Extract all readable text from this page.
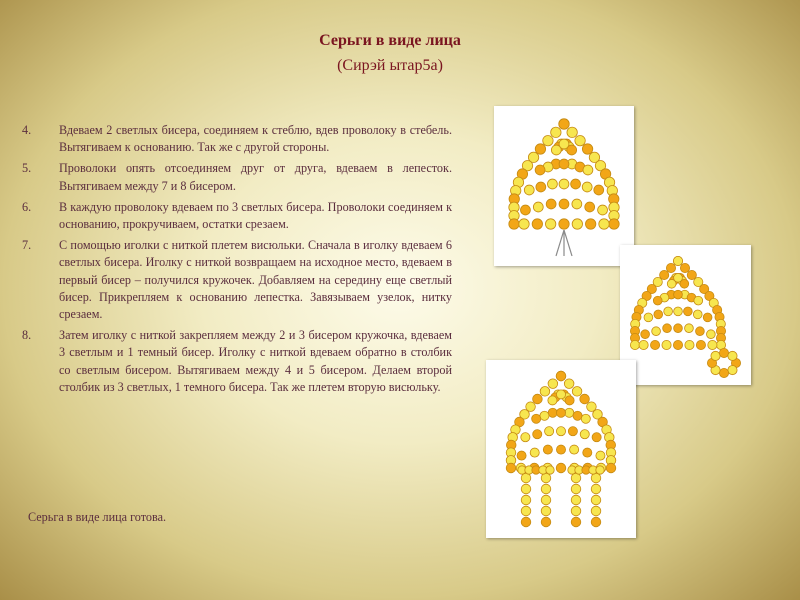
Серьги в виде лица
(Сирэй ытар5а)
4. Вдеваем 2 светлых бисера, соединяем к стеблю, вдев проволоку в стебель. Вытягиваем к основанию. Так же с другой стороны.
5. Проволоки опять отсоединяем друг от друга, вдеваем в лепесток. Вытягиваем между 7 и 8 бисером.
6. В каждую проволоку вдеваем по 3 светлых бисера. Проволоки соединяем к основанию, прокручиваем, остатки срезаем.
7. С помощью иголки с ниткой плетем висюльки. Сначала в иголку вдеваем 6 светлых бисера. Иголку с ниткой возвращаем на исходное место, вдеваем в первый бисер – получился кружочек. Добавляем на середину еще светлый бисер. Прикрепляем к основанию лепестка. Завязываем узелок, нитку срезаем.
8. Затем иголку с ниткой закрепляем между 2 и 3 бисером кружочка, вдеваем 3 светлым и 1 темный бисер. Иголку с ниткой вдеваем обратно в столбик со светлым бисером. Вытягиваем между 4 и 5 бисером. Делаем второй столбик из 3 светлых, 1 темного бисера. Так же плетем вторую висюльку.
Серьга в виде лица готова.
